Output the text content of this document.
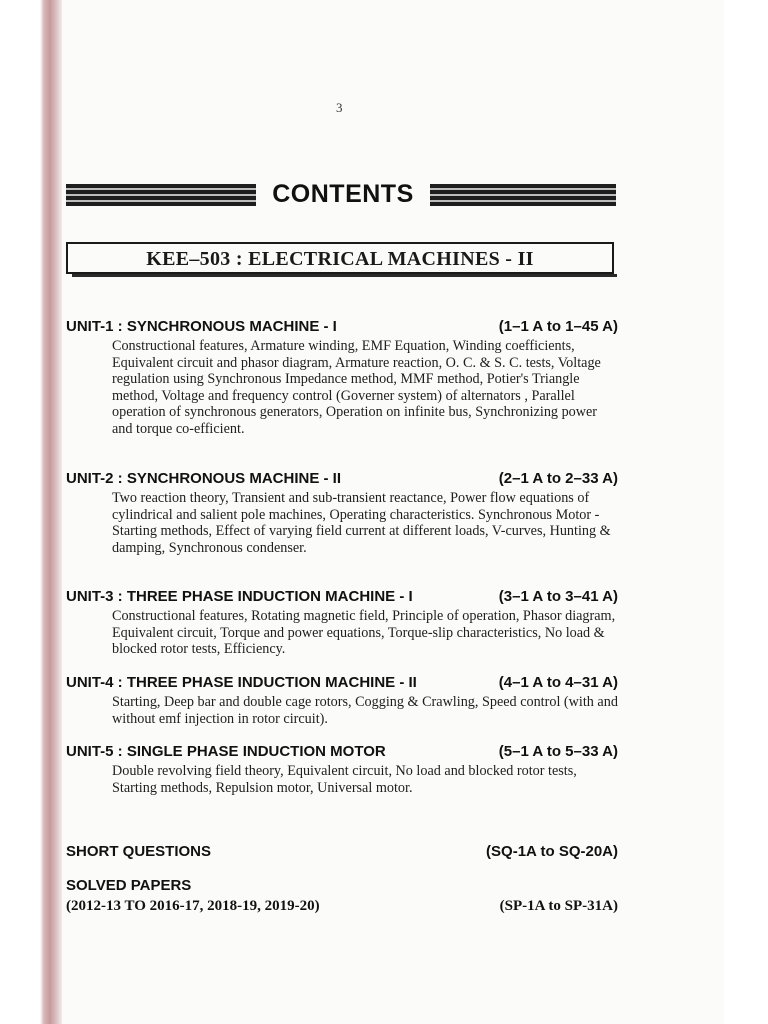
3
CONTENTS
KEE–503 : ELECTRICAL MACHINES - II
UNIT-1 : SYNCHRONOUS MACHINE - I	(1–1 A to 1–45 A)

Constructional features, Armature winding, EMF Equation, Winding coefficients, Equivalent circuit and phasor diagram, Armature reaction, O. C. & S. C. tests, Voltage regulation using Synchronous Impedance method, MMF method, Potier's Triangle method, Voltage and frequency control (Governer system) of alternators , Parallel operation of synchronous generators, Operation on infinite bus, Synchronizing power and torque co-efficient.

UNIT-2 : SYNCHRONOUS MACHINE - II	(2–1 A to 2–33 A)

Two reaction theory, Transient and sub-transient reactance, Power flow equations of cylindrical and salient pole machines, Operating characteristics. Synchronous Motor - Starting methods, Effect of varying field current at different loads, V-curves, Hunting & damping, Synchronous condenser.

UNIT-3 : THREE PHASE INDUCTION MACHINE - I	(3–1 A to 3–41 A)

Constructional features, Rotating magnetic field, Principle of operation, Phasor diagram, Equivalent circuit, Torque and power equations, Torque-slip characteristics, No load & blocked rotor tests, Efficiency.

UNIT-4 : THREE PHASE INDUCTION MACHINE - II	(4–1 A to 4–31 A)

Starting, Deep bar and double cage rotors, Cogging & Crawling, Speed control (with and without emf injection in rotor circuit).

UNIT-5 : SINGLE PHASE INDUCTION MOTOR	(5–1 A to 5–33 A)

Double revolving field theory, Equivalent circuit, No load and blocked rotor tests, Starting methods, Repulsion motor, Universal motor.

SHORT QUESTIONS	(SQ-1A to SQ-20A)
SOLVED PAPERS
(2012-13 TO 2016-17, 2018-19, 2019-20)	(SP-1A to SP-31A)
